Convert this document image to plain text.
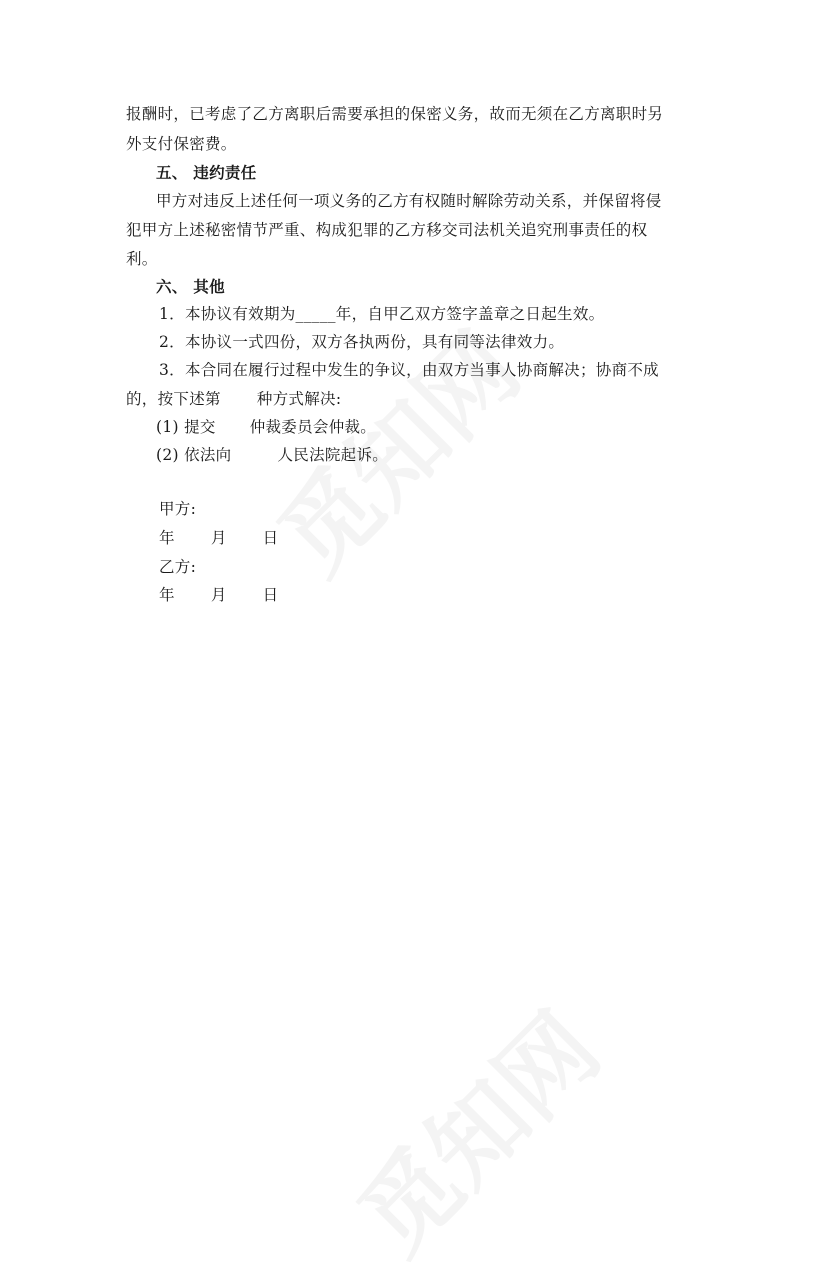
报酬时，已考虑了乙方离职后需要承担的保密义务，故而无须在乙方离职时另
外支付保密费。
五、 违约责任
甲方对违反上述任何一项义务的乙方有权随时解除劳动关系，并保留将侵
犯甲方上述秘密情节严重、构成犯罪的乙方移交司法机关追究刑事责任的权
利。
六、 其他
1．本协议有效期为_____年，自甲乙双方签字盖章之日起生效。
2．本协议一式四份，双方各执两份，具有同等法律效力。
3．本合同在履行过程中发生的争议，由双方当事人协商解决；协商不成
的，按下述第 种方式解决:
(1) 提交 仲裁委员会仲裁。
(2) 依法向	人民法院起诉。
甲方:
年 月 日
乙方:
年 月 日
